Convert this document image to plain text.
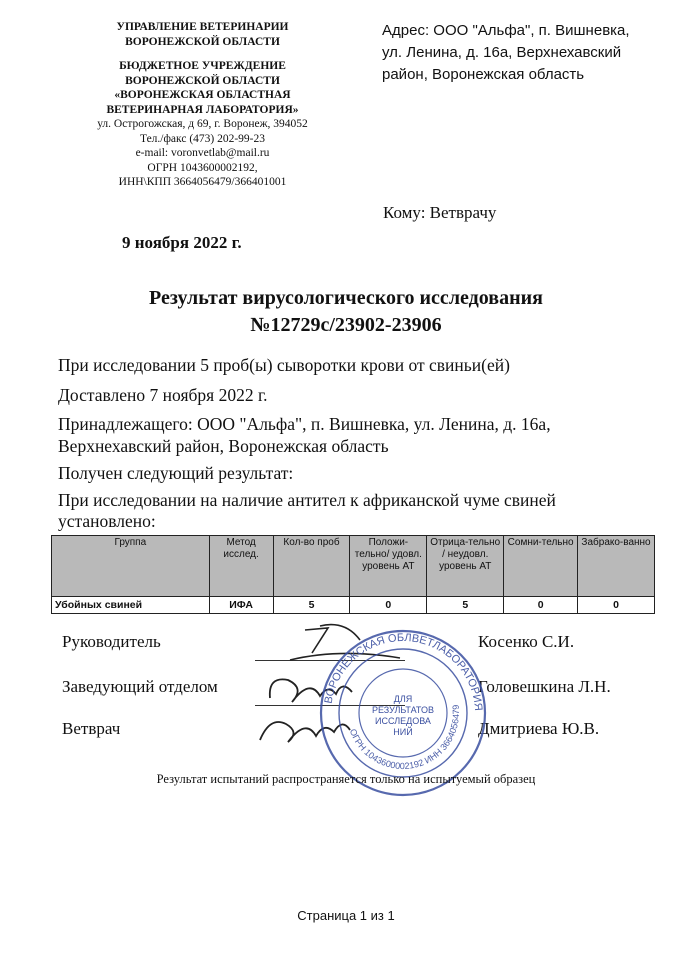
УПРАВЛЕНИЕ ВЕТЕРИНАРИИ
ВОРОНЕЖСКОЙ ОБЛАСТИ
БЮДЖЕТНОЕ УЧРЕЖДЕНИЕ
ВОРОНЕЖСКОЙ ОБЛАСТИ
«ВОРОНЕЖСКАЯ ОБЛАСТНАЯ
ВЕТЕРИНАРНАЯ ЛАБОРАТОРИЯ»
ул. Острогожская, д 69, г. Воронеж, 394052
Тел./факс (473) 202-99-23
e-mail: voronvetlab@mail.ru
ОГРН 1043600002192,
ИНН\КПП 3664056479/366401001
Адрес: ООО "Альфа", п. Вишневка,
ул. Ленина, д. 16а, Верхнехавский
район, Воронежская область
Кому: Ветврачу
9 ноября 2022 г.
Результат вирусологического исследования
№12729с/23902-23906
При исследовании 5 проб(ы) сыворотки крови от свиньи(ей)
Доставлено 7 ноября 2022 г.
Принадлежащего: ООО "Альфа", п. Вишневка, ул. Ленина, д. 16а,
Верхнехавский район, Воронежская область
Получен следующий результат:
При исследовании на наличие антител к африканской чуме свиней
установлено:
Группа	Метод исслед.	Кол-во проб	Положи-тельно/ удовл. уровень АТ	Отрица-тельно / неудовл. уровень АТ	Сомни-тельно	Забрако-ванно
Убойных свиней	ИФА	5	0	5	0	0
Руководитель	Косенко С.И.
Заведующий отделом	Головешкина Л.Н.
Ветврач	Дмитриева Ю.В.
ВОРОНЕЖСКАЯ ОБЛВЕТЛАБОРАТОРИЯ
ОГРН 1043600002192 ИНН 3664056479
ДЛЯ
РЕЗУЛЬТАТОВ
ИССЛЕДОВА
НИЙ
Результат испытаний распространяется только на испытуемый образец
Страница 1 из 1
